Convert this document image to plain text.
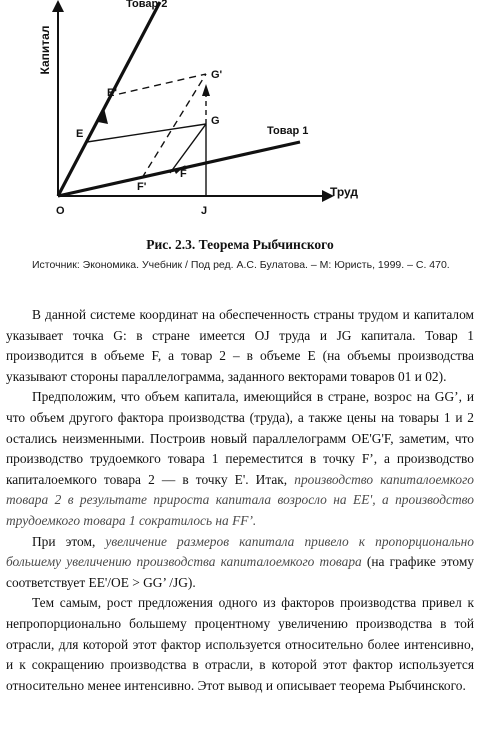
Капитал
Труд
Товар 2
Товар 1
O	J
E
E'
G
G'
F
F'

Рис. 2.3. Теорема Рыбчинского

Источник: Экономика. Учебник / Под ред. А.С. Булатова. – М: Юристь, 1999. – С. 470.

В данной системе координат на обеспеченность страны трудом и капиталом указывает точка G: в стране имеется OJ труда и JG капитала. Товар 1 производится в объеме F, а товар 2 – в объеме E (на объемы производства указывают стороны параллелограмма, заданного векторами товаров 01 и 02).

Предположим, что объем капитала, имеющийся в стране, возрос на GG’, и что объем другого фактора производства (труда), а также цены на товары 1 и 2 остались неизменными. Построив новый параллелограмм OE'G'F, заметим, что производство трудоемкого товара 1 переместится в точку F’, а производство капиталоемкого товара 2 — в точку E'. Итак, производство капиталоемкого товара 2 в результате прироста капитала возросло на EE', а производство трудоемкого товара 1 сократилось на FF’.

При этом, увеличение размеров капитала привело к пропорционально большему увеличению производства капиталоемкого товара (на графике этому соответствует EE'/OE > GG’ /JG).

Тем самым, рост предложения одного из факторов производства привел к непропорционально большему процентному увеличению производства в той отрасли, для которой этот фактор используется относительно более интенсивно, и к сокращению производства в отрасли, в которой этот фактор используется относительно менее интенсивно. Этот вывод и описывает теорема Рыбчинского.
